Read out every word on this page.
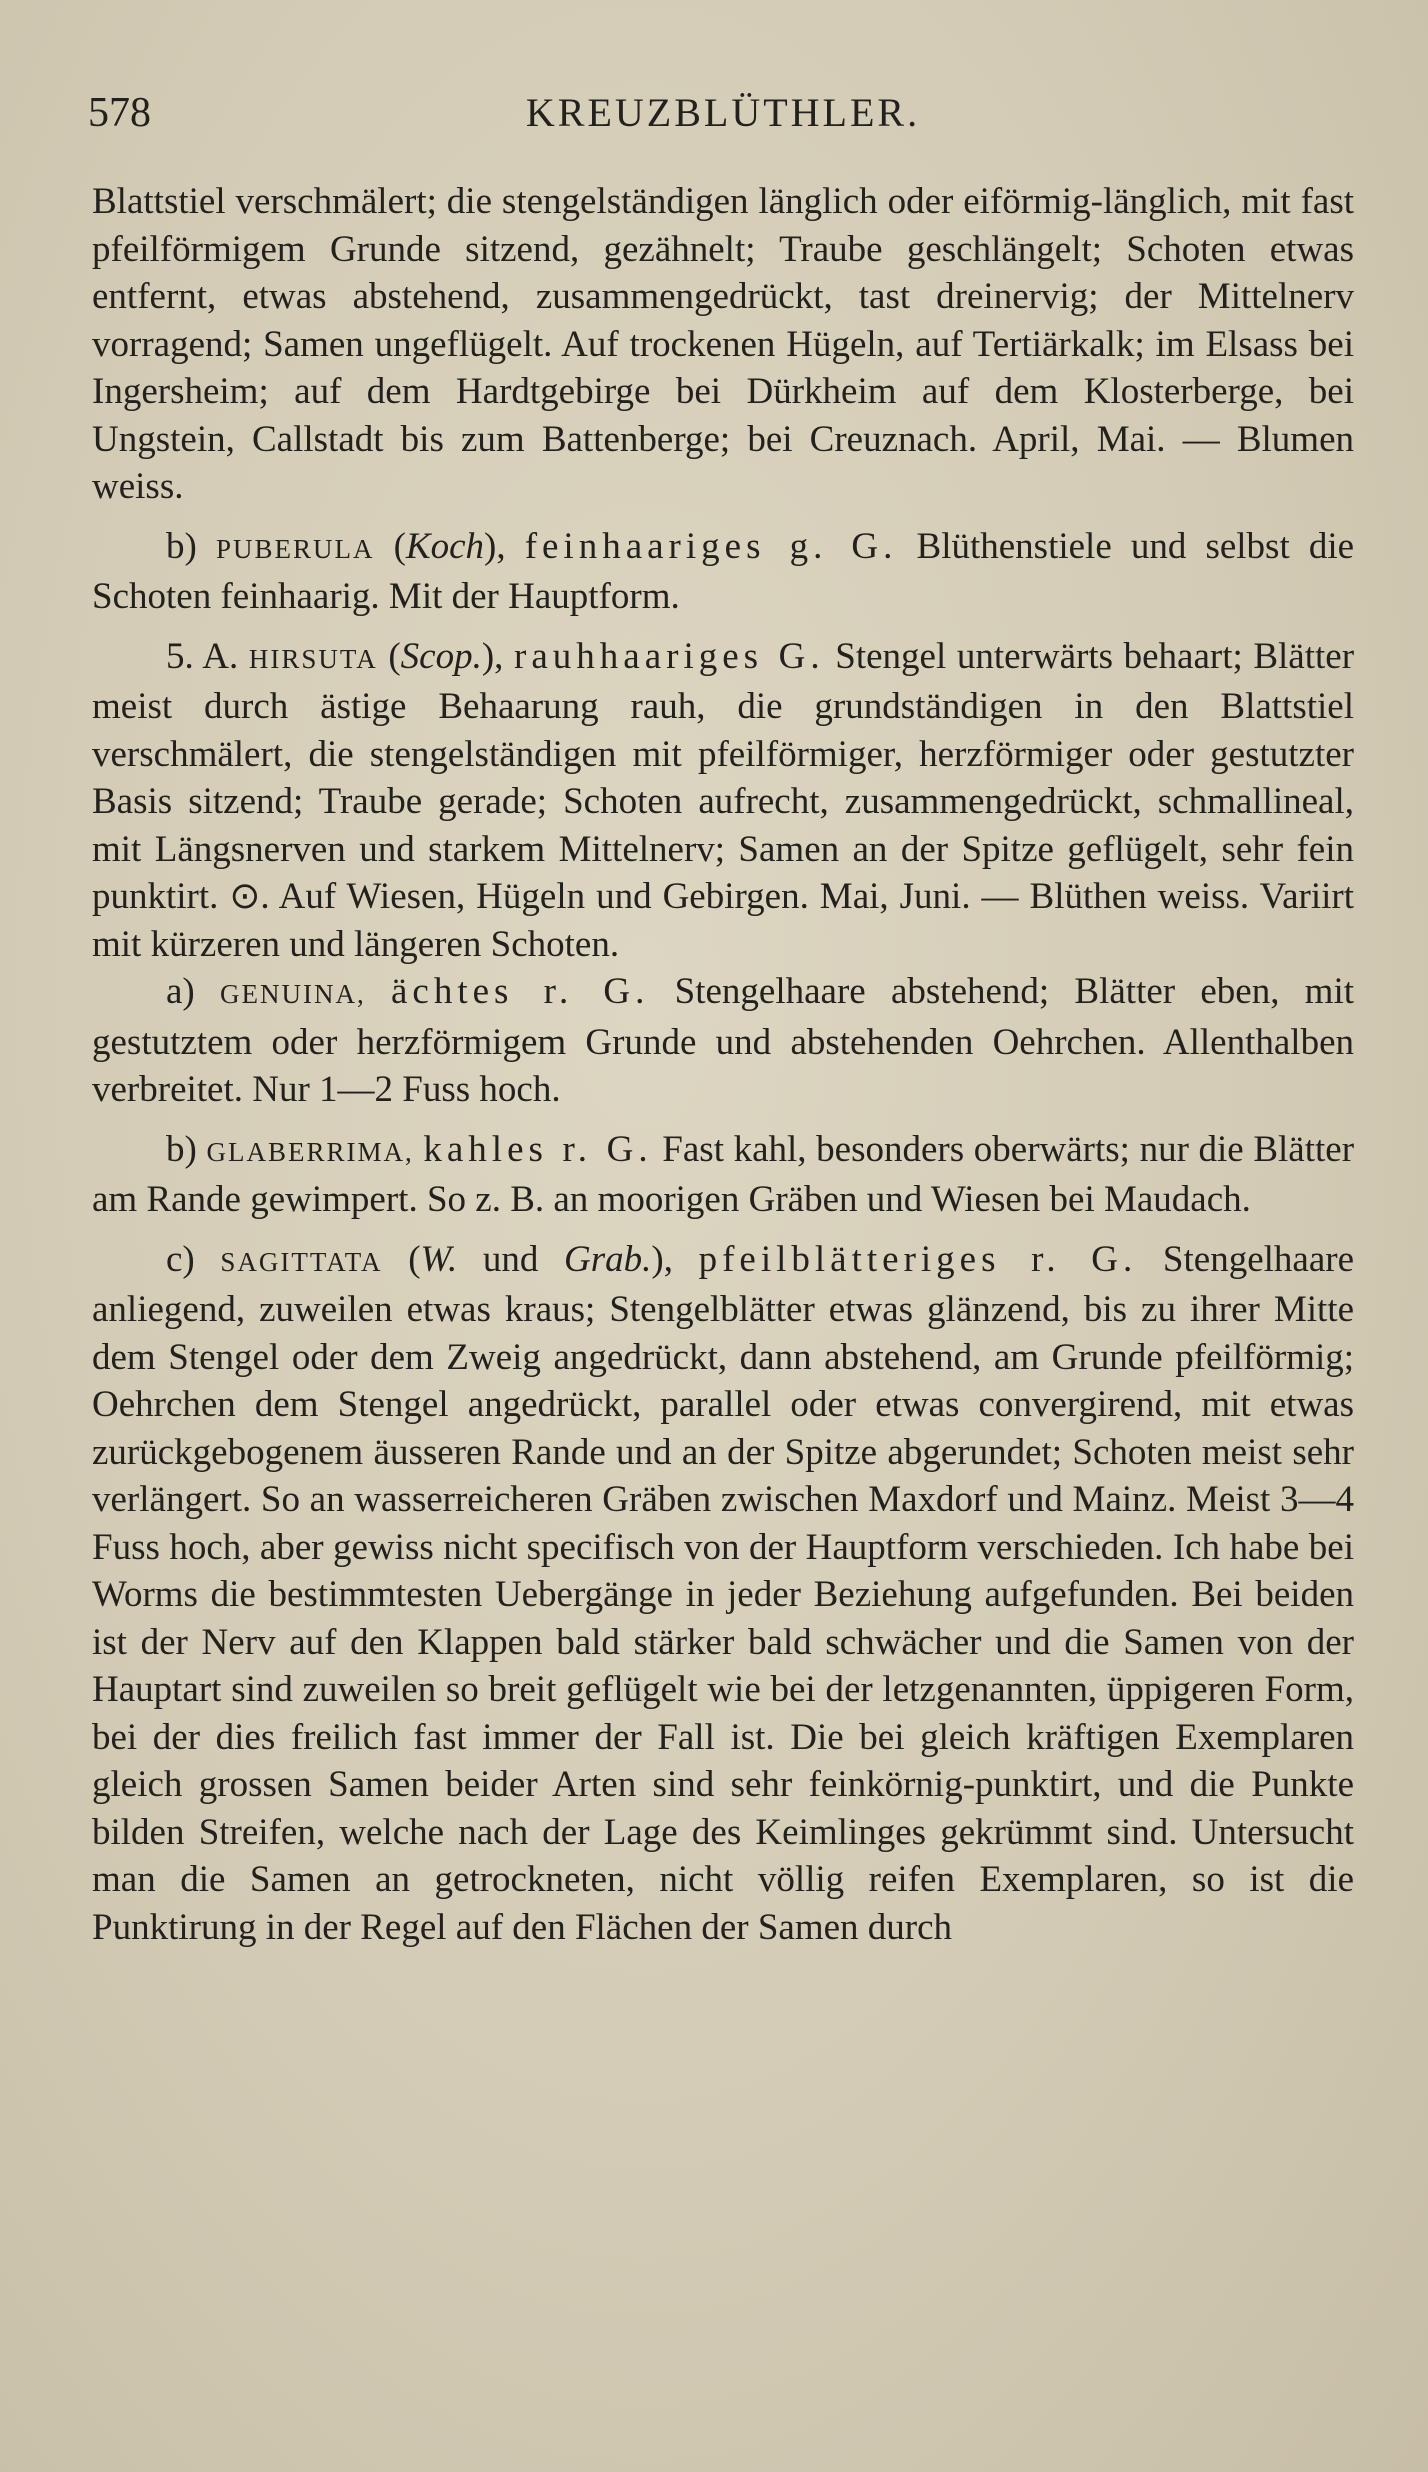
578	KREUZBLÜTHLER.

Blattstiel verschmälert; die stengelständigen länglich oder eiförmig-länglich, mit fast pfeilförmigem Grunde sitzend, gezähnelt; Traube geschlängelt; Schoten etwas entfernt, etwas abstehend, zusammengedrückt, tast dreinervig; der Mittelnerv vorragend; Samen ungeflügelt. Auf trockenen Hügeln, auf Tertiärkalk; im Elsass bei Ingersheim; auf dem Hardtgebirge bei Dürkheim auf dem Klosterberge, bei Ungstein, Callstadt bis zum Battenberge; bei Creuznach. April, Mai. — Blumen weiss.

b) PUBERULA (Koch), feinhaariges g. G. Blüthenstiele und selbst die Schoten feinhaarig. Mit der Hauptform.

5. A. HIRSUTA (Scop.), rauhhaariges G. Stengel unterwärts behaart; Blätter meist durch ästige Behaarung rauh, die grundständigen in den Blattstiel verschmälert, die stengelständigen mit pfeilförmiger, herzförmiger oder gestutzter Basis sitzend; Traube gerade; Schoten aufrecht, zusammengedrückt, schmallineal, mit Längsnerven und starkem Mittelnerv; Samen an der Spitze geflügelt, sehr fein punktirt. ⊙. Auf Wiesen, Hügeln und Gebirgen. Mai, Juni. — Blüthen weiss. Variirt mit kürzeren und längeren Schoten.

a) GENUINA, ächtes r. G. Stengelhaare abstehend; Blätter eben, mit gestutztem oder herzförmigem Grunde und abstehenden Oehrchen. Allenthalben verbreitet. Nur 1—2 Fuss hoch.

b) GLABERRIMA, kahles r. G. Fast kahl, besonders oberwärts; nur die Blätter am Rande gewimpert. So z. B. an moorigen Gräben und Wiesen bei Maudach.

c) SAGITTATA (W. und Grab.), pfeilblätteriges r. G. Stengelhaare anliegend, zuweilen etwas kraus; Stengelblätter etwas glänzend, bis zu ihrer Mitte dem Stengel oder dem Zweig angedrückt, dann abstehend, am Grunde pfeilförmig; Oehrchen dem Stengel angedrückt, parallel oder etwas convergirend, mit etwas zurückgebogenem äusseren Rande und an der Spitze abgerundet; Schoten meist sehr verlängert. So an wasserreicheren Gräben zwischen Maxdorf und Mainz. Meist 3—4 Fuss hoch, aber gewiss nicht specifisch von der Hauptform verschieden. Ich habe bei Worms die bestimmtesten Uebergänge in jeder Beziehung aufgefunden. Bei beiden ist der Nerv auf den Klappen bald stärker bald schwächer und die Samen von der Hauptart sind zuweilen so breit geflügelt wie bei der letzgenannten, üppigeren Form, bei der dies freilich fast immer der Fall ist. Die bei gleich kräftigen Exemplaren gleich grossen Samen beider Arten sind sehr feinkörnig-punktirt, und die Punkte bilden Streifen, welche nach der Lage des Keimlinges gekrümmt sind. Untersucht man die Samen an getrockneten, nicht völlig reifen Exemplaren, so ist die Punktirung in der Regel auf den Flächen der Samen durch
